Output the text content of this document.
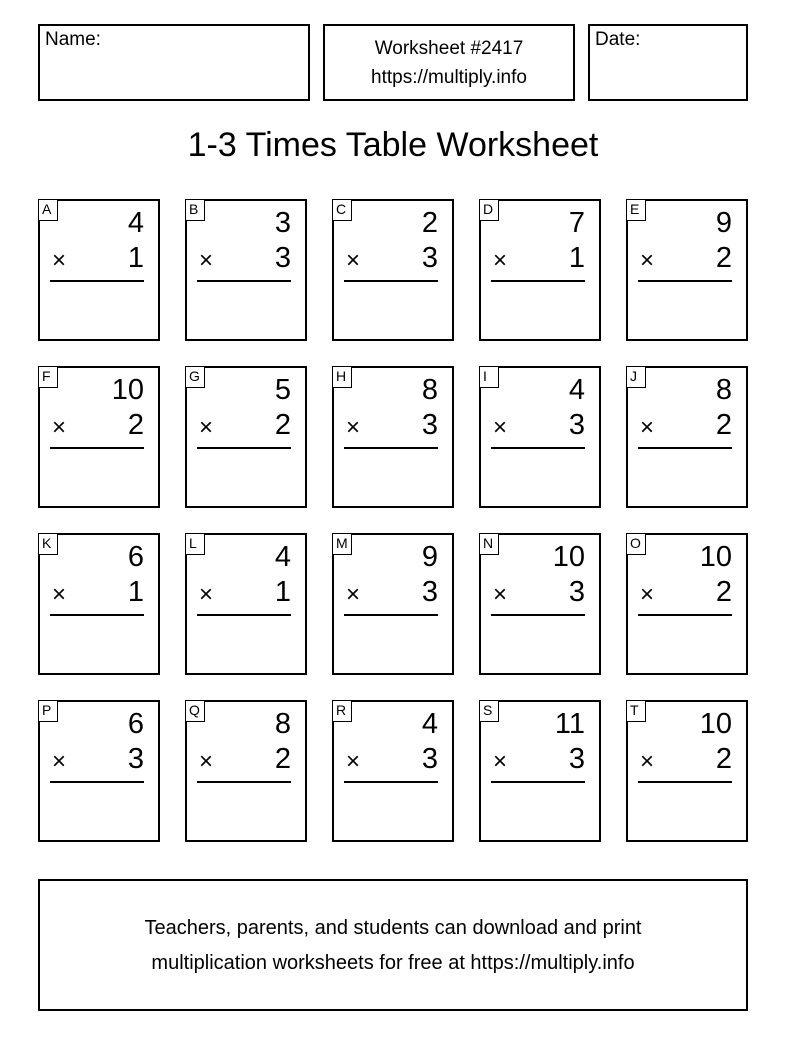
Name:	Worksheet #2417
https://multiply.info
Date:
1-3 Times Table Worksheet
A	4
× 1
B	3
× 3
C	2
× 3
D	7
× 1
E	9
× 2
F 10
× 2
G	5
× 2
H	8
× 3
I	4
× 3
J	8
× 2
K	6
× 1
L	4
× 1
M	9
× 3
N 10
× 3
O 10
× 2
P	6
× 3
Q	8
× 2
R	4
× 3
S 11
× 3
T 10
× 2
Teachers, parents, and students can download and print
multiplication worksheets for free at https://multiply.info
